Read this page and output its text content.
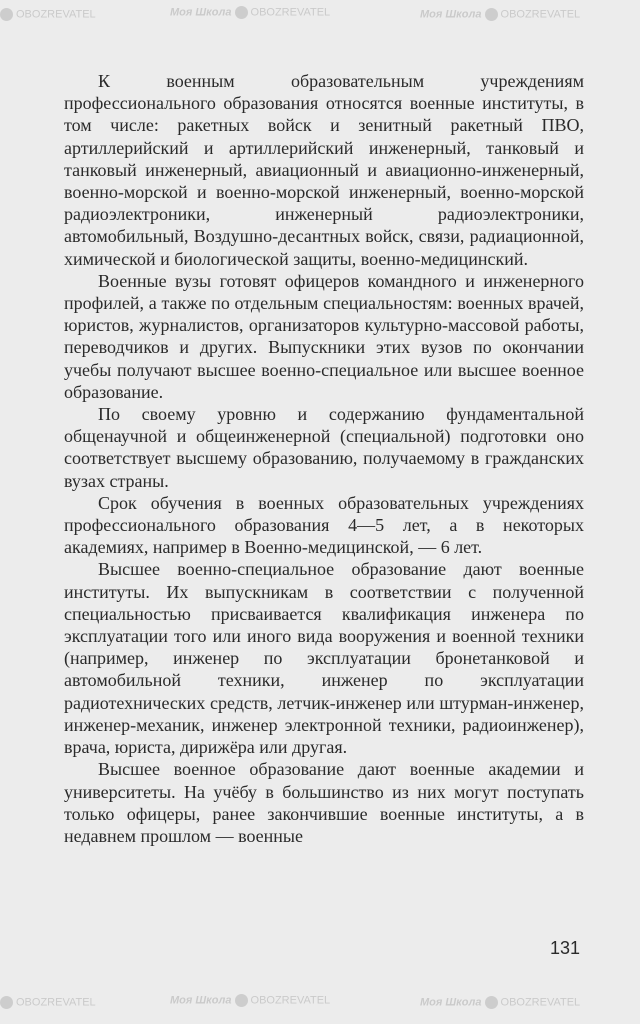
К военным образовательным учреждениям профессионального образования относятся военные институты, в том числе: ракетных войск и зенитный ракетный ПВО, артиллерийский и артиллерийский инженерный, танковый и танковый инженерный, авиационный и авиационно-инженерный, военно-морской и военно-морской инженерный, военно-морской радиоэлектроники, инженерный радиоэлектроники, автомобильный, Воздушно-десантных войск, связи, радиационной, химической и биологической защиты, военно-медицинский.

Военные вузы готовят офицеров командного и инженерного профилей, а также по отдельным специальностям: военных врачей, юристов, журналистов, организаторов культурно-массовой работы, переводчиков и других. Выпускники этих вузов по окончании учебы получают высшее военно-специальное или высшее военное образование.

По своему уровню и содержанию фундаментальной общенаучной и общеинженерной (специальной) подготовки оно соответствует высшему образованию, получаемому в гражданских вузах страны.

Срок обучения в военных образовательных учреждениях профессионального образования 4—5 лет, а в некоторых академиях, например в Военно-медицинской, — 6 лет.

Высшее военно-специальное образование дают военные институты. Их выпускникам в соответствии с полученной специальностью присваивается квалификация инженера по эксплуатации того или иного вида вооружения и военной техники (например, инженер по эксплуатации бронетанковой и автомобильной техники, инженер по эксплуатации радиотехнических средств, летчик-инженер или штурман-инженер, инженер-механик, инженер электронной техники, радиоинженер), врача, юриста, дирижёра или другая.

Высшее военное образование дают военные академии и университеты. На учёбу в большинство из них могут поступать только офицеры, ранее закончившие военные институты, а в недавнем прошлом — военные

131
OBOZREVATEL	Моя Школа OBOZREVATEL	Моя Школа OBOZREVATEL
OBOZREVATEL	Моя Школа OBOZREVATEL	Моя Школа OBOZREVATEL
